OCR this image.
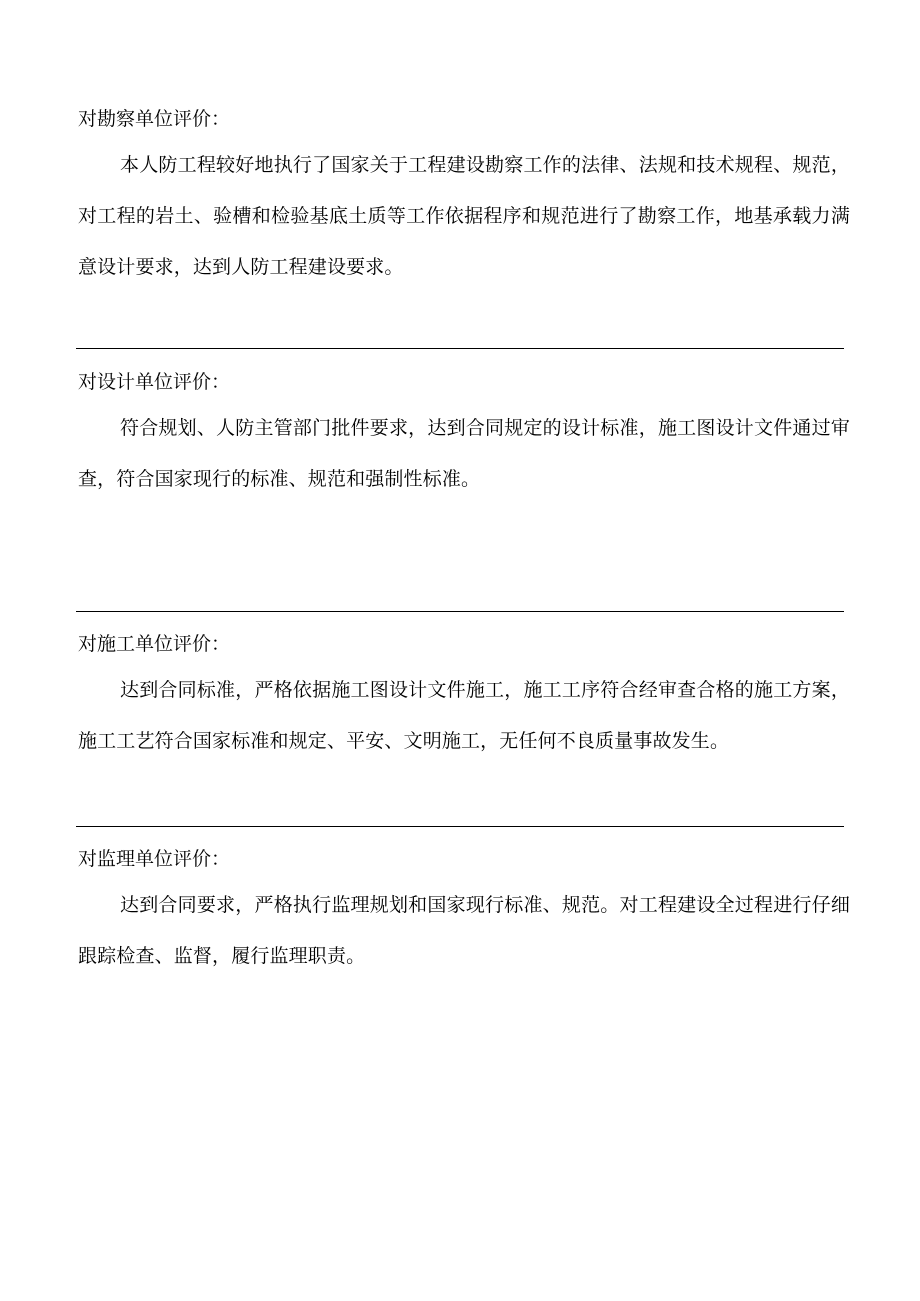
对勘察单位评价：
本人防工程较好地执行了国家关于工程建设勘察工作的法律、法规和技术规程、规范，对工程的岩土、验槽和检验基底土质等工作依据程序和规范进行了勘察工作，地基承载力满意设计要求，达到人防工程建设要求。
对设计单位评价：
符合规划、人防主管部门批件要求，达到合同规定的设计标准，施工图设计文件通过审查，符合国家现行的标准、规范和强制性标准。
对施工单位评价：
达到合同标准，严格依据施工图设计文件施工，施工工序符合经审查合格的施工方案，施工工艺符合国家标准和规定、平安、文明施工，无任何不良质量事故发生。
对监理单位评价：
达到合同要求，严格执行监理规划和国家现行标准、规范。对工程建设全过程进行仔细跟踪检查、监督，履行监理职责。
